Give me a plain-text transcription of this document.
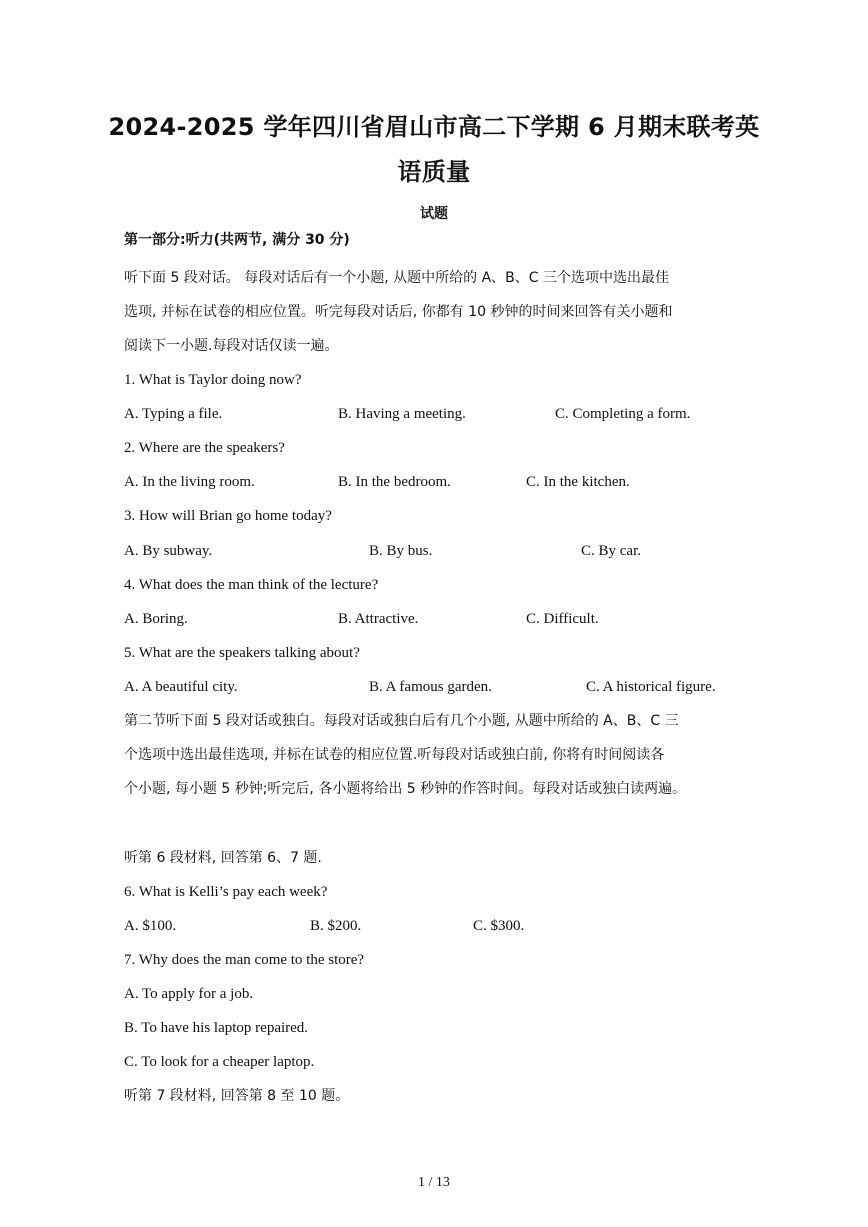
2024-2025 学年四川省眉山市高二下学期 6 月期末联考英
语质量
试题
第一部分:听力(共两节, 满分 30 分)
听下面 5 段对话。 每段对话后有一个小题, 从题中所给的 A、B、C 三个选项中选出最佳
选项, 并标在试卷的相应位置。听完每段对话后, 你都有 10 秒钟的时间来回答有关小题和
阅读下一小题.每段对话仅读一遍。
1. What is Taylor doing now?
A. Typing a file.	B. Having a meeting.	C. Completing a form.
2. Where are the speakers?
A. In the living room.	B. In the bedroom.	C. In the kitchen.
3. How will Brian go home today?
A. By subway.	B. By bus.	C. By car.
4. What does the man think of the lecture?
A. Boring.	B. Attractive.	C. Difficult.
5. What are the speakers talking about?
A. A beautiful city.	B. A famous garden.	C. A historical figure.
第二节听下面 5 段对话或独白。每段对话或独白后有几个小题, 从题中所给的 A、B、C 三
个选项中选出最佳选项, 并标在试卷的相应位置.听每段对话或独白前, 你将有时间阅读各
个小题, 每小题 5 秒钟;听完后, 各小题将给出 5 秒钟的作答时间。每段对话或独白读两遍。
听第 6 段材料, 回答第 6、7 题.
6. What is Kelli’s pay each week?
A. $100.	B. $200.	C. $300.
7. Why does the man come to the store?
A. To apply for a job.
B. To have his laptop repaired.
C. To look for a cheaper laptop.
听第 7 段材料, 回答第 8 至 10 题。
1 / 13
